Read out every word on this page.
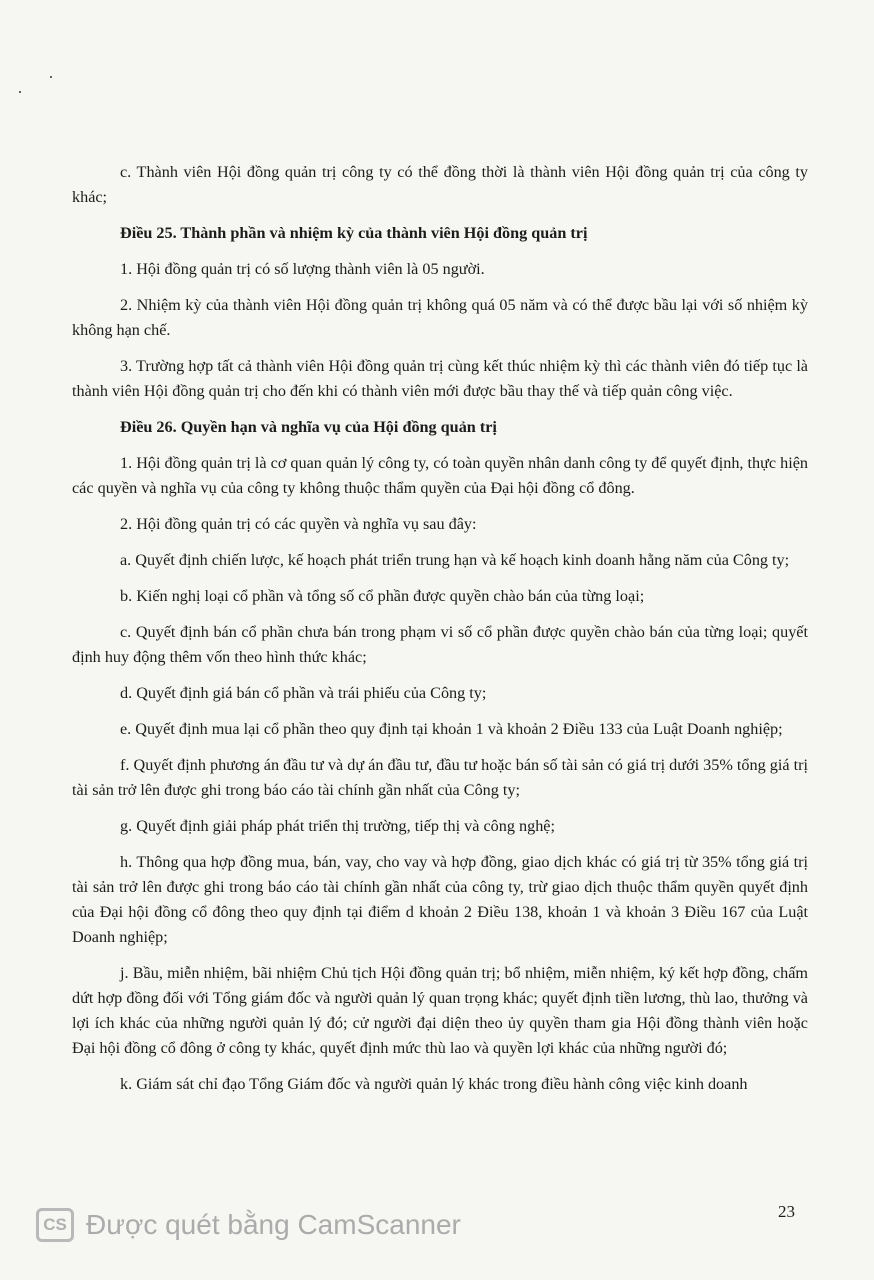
c. Thành viên Hội đồng quản trị công ty có thể đồng thời là thành viên Hội đồng quản trị của công ty khác;

Điều 25. Thành phần và nhiệm kỳ của thành viên Hội đồng quản trị

1. Hội đồng quản trị có số lượng thành viên là 05 người.

2. Nhiệm kỳ của thành viên Hội đồng quản trị không quá 05 năm và có thể được bầu lại với số nhiệm kỳ không hạn chế.

3. Trường hợp tất cả thành viên Hội đồng quản trị cùng kết thúc nhiệm kỳ thì các thành viên đó tiếp tục là thành viên Hội đồng quản trị cho đến khi có thành viên mới được bầu thay thế và tiếp quản công việc.

Điều 26. Quyền hạn và nghĩa vụ của Hội đồng quản trị

1. Hội đồng quản trị là cơ quan quản lý công ty, có toàn quyền nhân danh công ty để quyết định, thực hiện các quyền và nghĩa vụ của công ty không thuộc thẩm quyền của Đại hội đồng cổ đông.

2. Hội đồng quản trị có các quyền và nghĩa vụ sau đây:

a. Quyết định chiến lược, kế hoạch phát triển trung hạn và kế hoạch kinh doanh hằng năm của Công ty;

b. Kiến nghị loại cổ phần và tổng số cổ phần được quyền chào bán của từng loại;

c. Quyết định bán cổ phần chưa bán trong phạm vi số cổ phần được quyền chào bán của từng loại; quyết định huy động thêm vốn theo hình thức khác;

d. Quyết định giá bán cổ phần và trái phiếu của Công ty;

e. Quyết định mua lại cổ phần theo quy định tại khoản 1 và khoản 2 Điều 133 của Luật Doanh nghiệp;

f. Quyết định phương án đầu tư và dự án đầu tư, đầu tư hoặc bán số tài sản có giá trị dưới 35% tổng giá trị tài sản trở lên được ghi trong báo cáo tài chính gần nhất của Công ty;

g. Quyết định giải pháp phát triển thị trường, tiếp thị và công nghệ;

h. Thông qua hợp đồng mua, bán, vay, cho vay và hợp đồng, giao dịch khác có giá trị từ 35% tổng giá trị tài sản trở lên được ghi trong báo cáo tài chính gần nhất của công ty, trừ giao dịch thuộc thẩm quyền quyết định của Đại hội đồng cổ đông theo quy định tại điểm d khoản 2 Điều 138, khoản 1 và khoản 3 Điều 167 của Luật Doanh nghiệp;

j. Bầu, miễn nhiệm, bãi nhiệm Chủ tịch Hội đồng quản trị; bổ nhiệm, miễn nhiệm, ký kết hợp đồng, chấm dứt hợp đồng đối với Tổng giám đốc và người quản lý quan trọng khác; quyết định tiền lương, thù lao, thưởng và lợi ích khác của những người quản lý đó; cử người đại diện theo ủy quyền tham gia Hội đồng thành viên hoặc Đại hội đồng cổ đông ở công ty khác, quyết định mức thù lao và quyền lợi khác của những người đó;

k. Giám sát chỉ đạo Tổng Giám đốc và người quản lý khác trong điều hành công việc kinh doanh

CS Được quét bằng CamScanner	23
